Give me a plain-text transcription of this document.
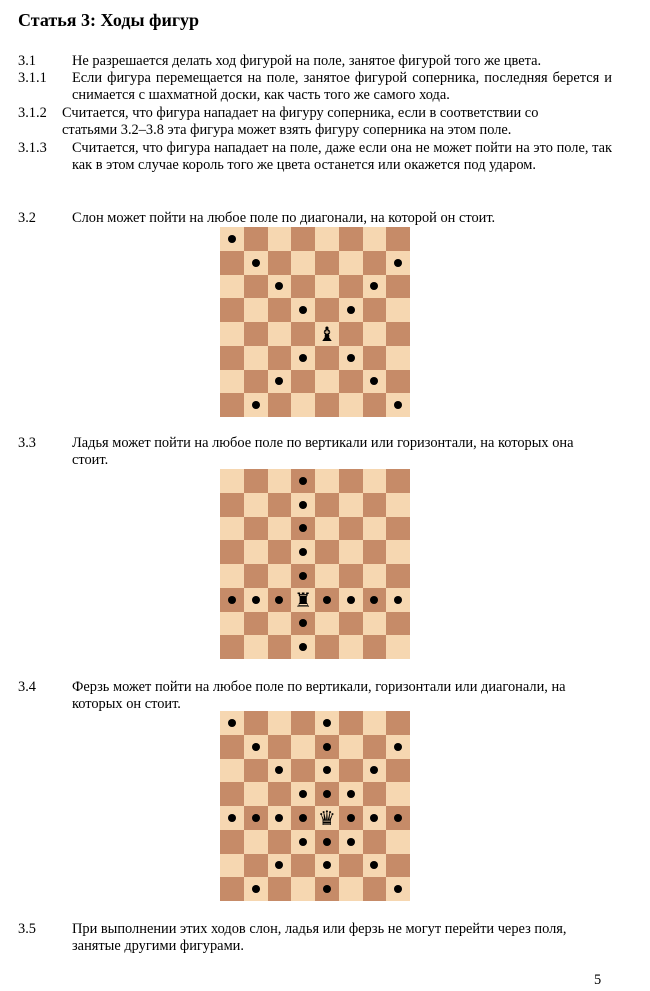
Статья 3: Ходы фигур
3.1	Не разрешается делать ход фигурой на поле, занятое фигурой того же цвета.
3.1.1 Если фигура перемещается на поле, занятое фигурой соперника, последняя берется и снимается с шахматной доски, как часть того же самого хода.
3.1.2 Считается, что фигура нападает на фигуру соперника, если в соответствии со статьями 3.2–3.8 эта фигура может взять фигуру соперника на этом поле.
3.1.3 Считается, что фигура нападает на поле, даже если она не может пойти на это поле, так как в этом случае король того же цвета останется или окажется под ударом.
3.2	Слон может пойти на любое поле по диагонали, на которой он стоит.
♝
3.3	Ладья может пойти на любое поле по вертикали или горизонтали, на которых она стоит.
♜
3.4	Ферзь может пойти на любое поле по вертикали, горизонтали или диагонали, на которых он стоит.
♛
3.5	При выполнении этих ходов слон, ладья или ферзь не могут перейти через поля, занятые другими фигурами.
5
